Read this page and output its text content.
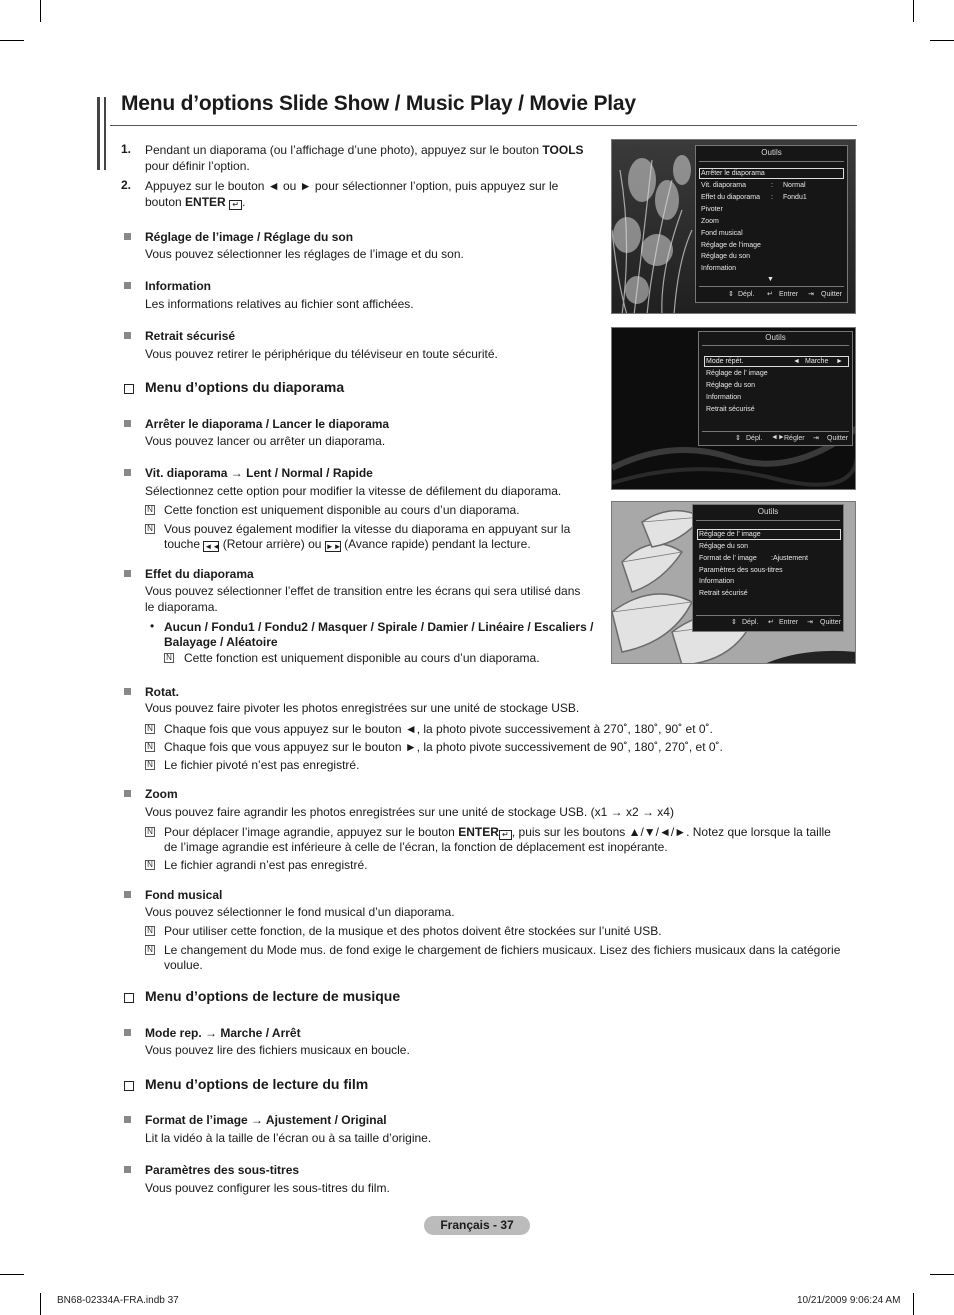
Menu d’options Slide Show / Music Play / Movie Play
1. Pendant un diaporama (ou l’affichage d’une photo), appuyez sur le bouton TOOLS
pour définir l’option.
2. Appuyez sur le bouton ◄ ou ► pour sélectionner l’option, puis appuyez sur le
bouton ENTER ↵ .
Réglage de l’image / Réglage du son
Vous pouvez sélectionner les réglages de l’image et du son.
Information
Les informations relatives au fichier sont affichées.
Retrait sécurisé
Vous pouvez retirer le périphérique du téléviseur en toute sécurité.
Menu d’options du diaporama
Arrêter le diaporama / Lancer le diaporama
Vous pouvez lancer ou arrêter un diaporama.
Vit. diaporama → Lent / Normal / Rapide
Sélectionnez cette option pour modifier la vitesse de défilement du diaporama.
N Cette fonction est uniquement disponible au cours d’un diaporama.
N Vous pouvez également modifier la vitesse du diaporama en appuyant sur la
touche ◄◄ (Retour arrière) ou ►► (Avance rapide) pendant la lecture.
Effet du diaporama
Vous pouvez sélectionner l’effet de transition entre les écrans qui sera utilisé dans
le diaporama.
• Aucun / Fondu1 / Fondu2 / Masquer / Spirale / Damier / Linéaire / Escaliers /
Balayage / Aléatoire
N Cette fonction est uniquement disponible au cours d’un diaporama.
Rotat.
Vous pouvez faire pivoter les photos enregistrées sur une unité de stockage USB.
N Chaque fois que vous appuyez sur le bouton ◄, la photo pivote successivement à 270˚, 180˚, 90˚ et 0˚.
N Chaque fois que vous appuyez sur le bouton ►, la photo pivote successivement de 90˚, 180˚, 270˚, et 0˚.
N Le fichier pivoté n’est pas enregistré.
Zoom
Vous pouvez faire agrandir les photos enregistrées sur une unité de stockage USB. (x1 → x2 → x4)
N Pour déplacer l’image agrandie, appuyez sur le bouton ENTER ↵ , puis sur les boutons ▲/▼/◄/►. Notez que lorsque la taille
de l’image agrandie est inférieure à celle de l’écran, la fonction de déplacement est inopérante.
N Le fichier agrandi n’est pas enregistré.
Fond musical
Vous pouvez sélectionner le fond musical d’un diaporama.
N Pour utiliser cette fonction, de la musique et des photos doivent être stockées sur l’unité USB.
N Le changement du Mode mus. de fond exige le chargement de fichiers musicaux. Lisez des fichiers musicaux dans la catégorie
voulue.
Menu d’options de lecture de musique
Mode rep. → Marche / Arrêt
Vous pouvez lire des fichiers musicaux en boucle.
Menu d’options de lecture du film
Format de l’image → Ajustement / Original
Lit la vidéo à la taille de l’écran ou à sa taille d’origine.
Paramètres des sous-titres
Vous pouvez configurer les sous-titres du film.
Outils
Arrêter le diaporama
Vit. diaporama	: Normal
Effet du diaporama : Fondu1
Pivoter
Zoom
Fond musical
Réglage de l’image
Réglage du son
Information
▼
⇕ Dépl. ↵ Entrer ⇥ Quitter
Outils
Mode répét.	◄ Marche ►
Réglage de l’ image
Réglage du son
Information
Retrait sécurisé
⇕ Dépl. ◄► Régler ⇥ Quitter
Outils
Réglage de l’ image
Réglage du son
Format de l’ image :Ajustement
Paramètres des sous-titres
Information
Retrait sécurisé
⇕ Dépl. ↵ Entrer ⇥ Quitter
Français - 37
BN68-02334A-FRA.indb 37	10/21/2009 9:06:24 AM
